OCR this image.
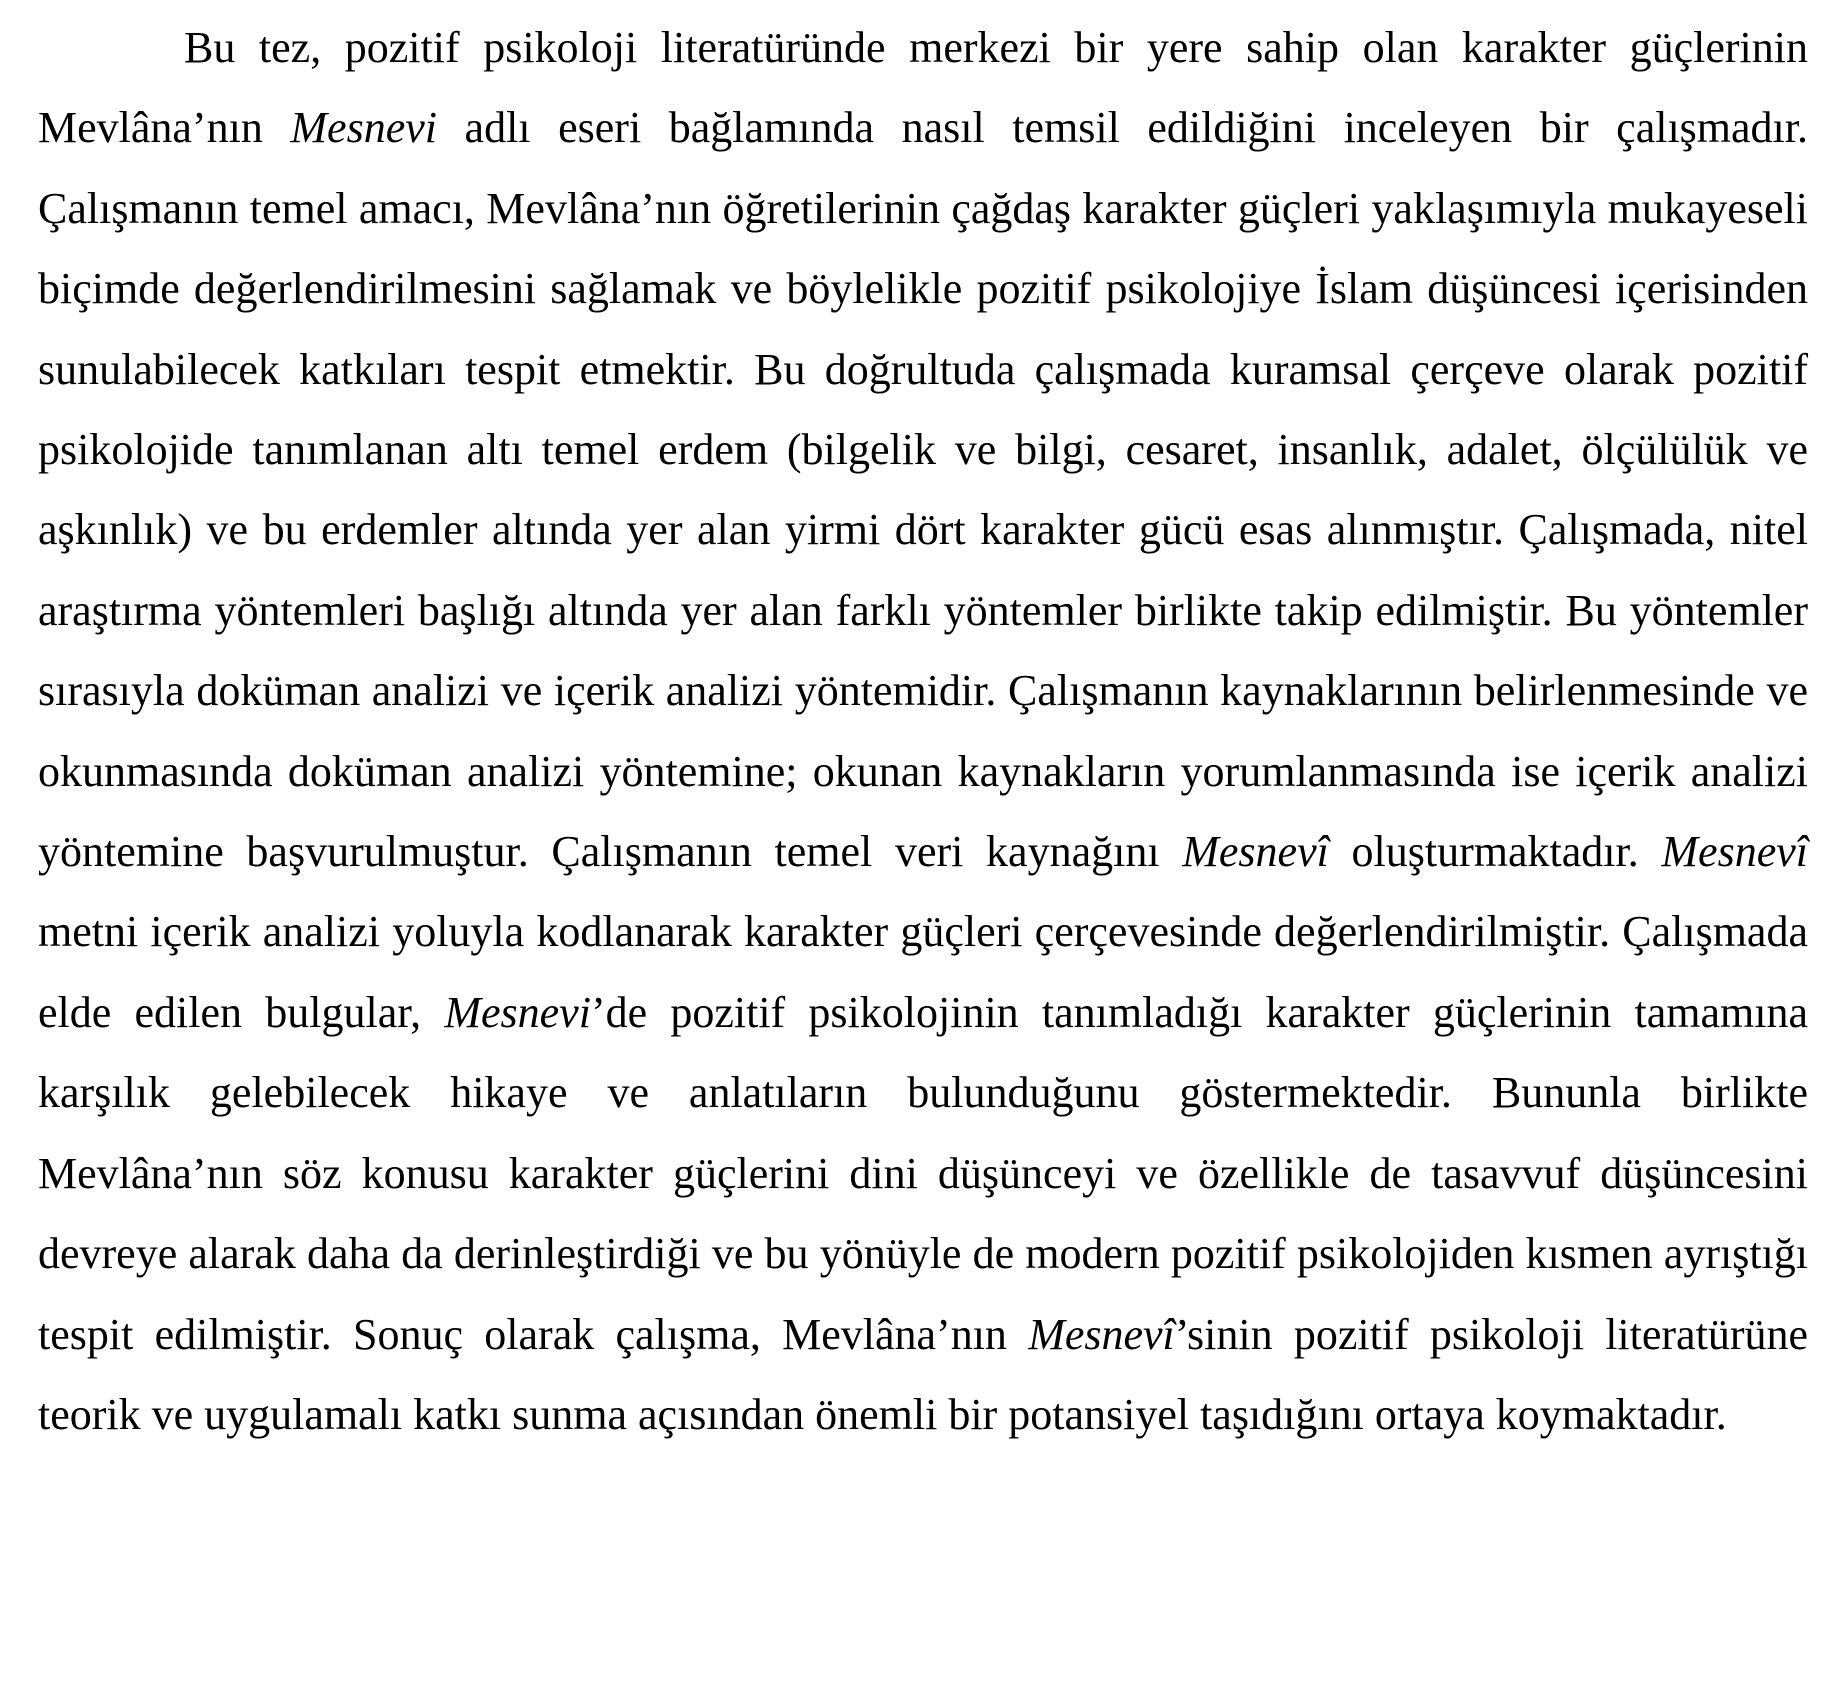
Bu tez, pozitif psikoloji literatüründe merkezi bir yere sahip olan karakter güçlerinin Mevlâna’nın Mesnevi adlı eseri bağlamında nasıl temsil edildiğini inceleyen bir çalışmadır. Çalışmanın temel amacı, Mevlâna’nın öğretilerinin çağdaş karakter güçleri yaklaşımıyla mukayeseli biçimde değerlendirilmesini sağlamak ve böylelikle pozitif psikolojiye İslam düşüncesi içerisinden sunulabilecek katkıları tespit etmektir. Bu doğrultuda çalışmada kuramsal çerçeve olarak pozitif psikolojide tanımlanan altı temel erdem (bilgelik ve bilgi, cesaret, insanlık, adalet, ölçülülük ve aşkınlık) ve bu erdemler altında yer alan yirmi dört karakter gücü esas alınmıştır. Çalışmada, nitel araştırma yöntemleri başlığı altında yer alan farklı yöntemler birlikte takip edilmiştir. Bu yöntemler sırasıyla doküman analizi ve içerik analizi yöntemidir. Çalışmanın kaynaklarının belirlenmesinde ve okunmasında doküman analizi yöntemine; okunan kaynakların yorumlanmasında ise içerik analizi yöntemine başvurulmuştur. Çalışmanın temel veri kaynağını Mesnevî oluşturmaktadır. Mesnevî metni içerik analizi yoluyla kodlanarak karakter güçleri çerçevesinde değerlendirilmiştir. Çalışmada elde edilen bulgular, Mesnevi’de pozitif psikolojinin tanımladığı karakter güçlerinin tamamına karşılık gelebilecek hikaye ve anlatıların bulunduğunu göstermektedir. Bununla birlikte Mevlâna’nın söz konusu karakter güçlerini dini düşünceyi ve özellikle de tasavvuf düşüncesini devreye alarak daha da derinleştirdiği ve bu yönüyle de modern pozitif psikolojiden kısmen ayrıştığı tespit edilmiştir. Sonuç olarak çalışma, Mevlâna’nın Mesnevî’sinin pozitif psikoloji literatürüne teorik ve uygulamalı katkı sunma açısından önemli bir potansiyel taşıdığını ortaya koymaktadır.
